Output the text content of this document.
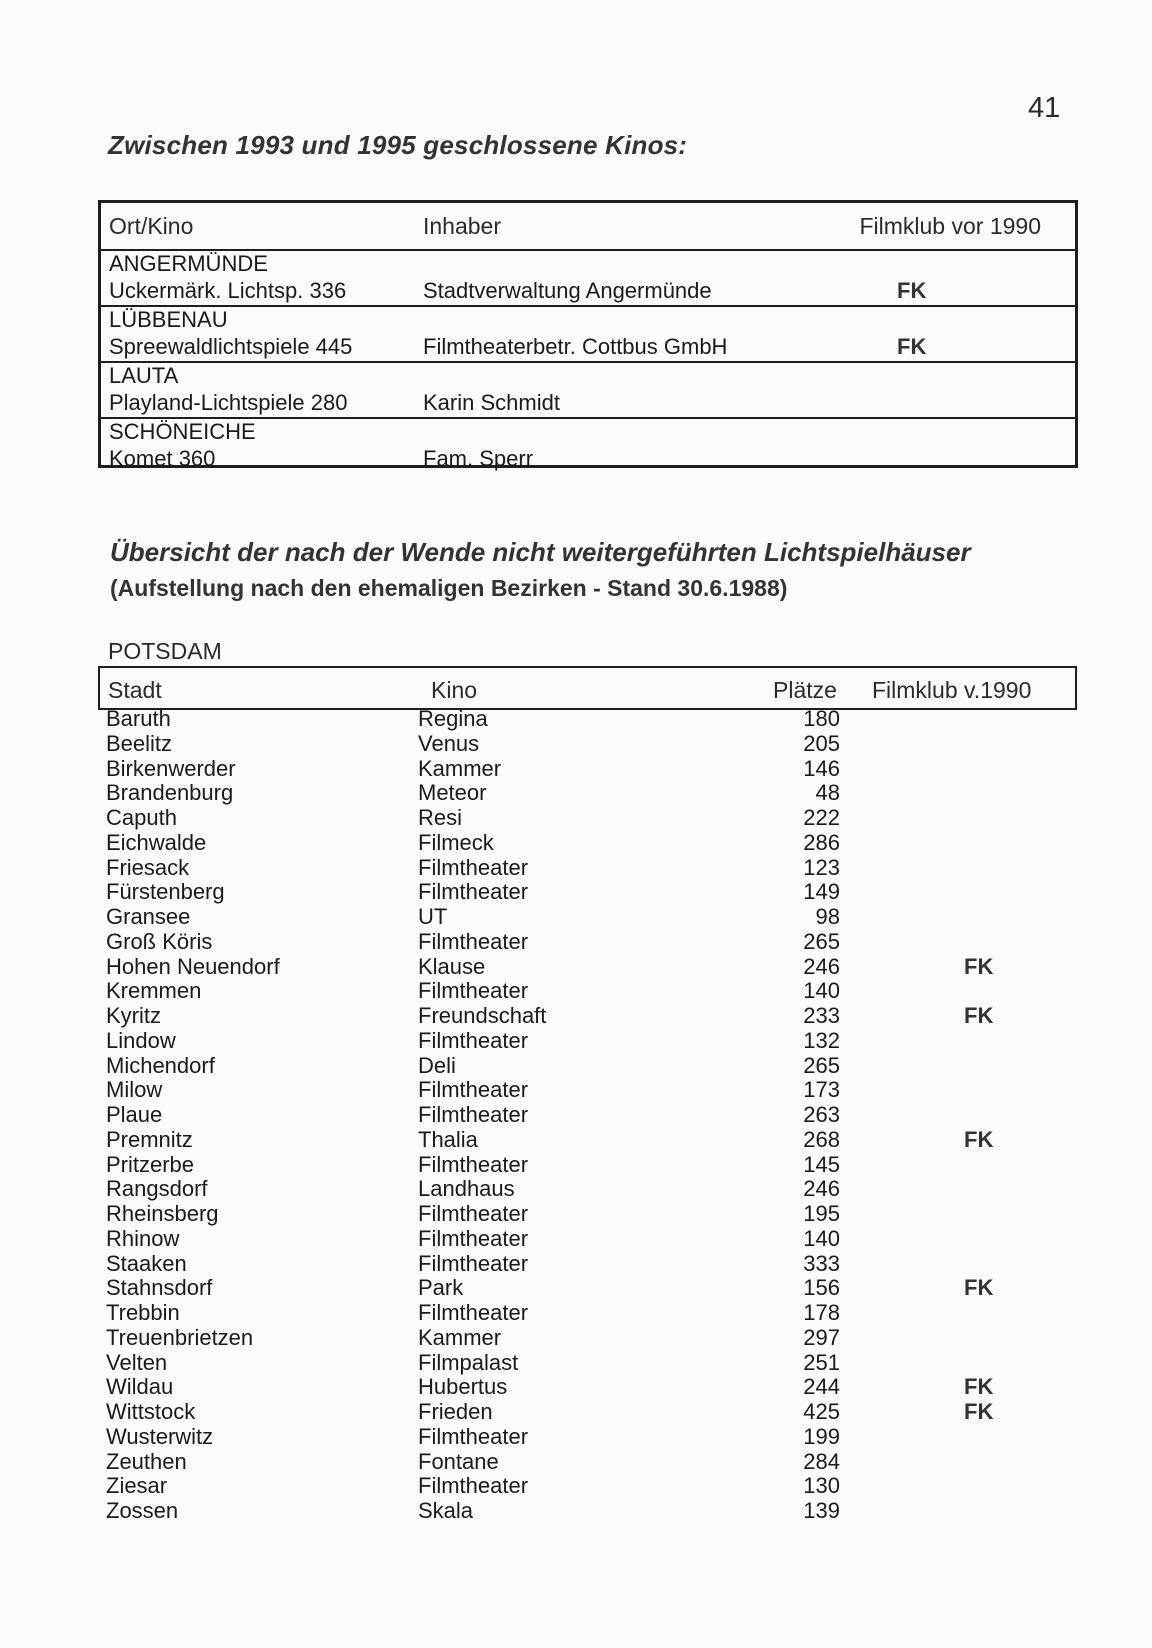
41
Zwischen 1993 und 1995 geschlossene Kinos:
Ort/Kino	Inhaber	Filmklub vor 1990
ANGERMÜNDE
Uckermärk. Lichtsp. 336	Stadtverwaltung Angermünde	FK
LÜBBENAU
Spreewaldlichtspiele 445	Filmtheaterbetr. Cottbus GmbH	FK
LAUTA
Playland-Lichtspiele 280	Karin Schmidt
SCHÖNEICHE
Komet 360	Fam. Sperr
Übersicht der nach der Wende nicht weitergeführten Lichtspielhäuser
(Aufstellung nach den ehemaligen Bezirken - Stand 30.6.1988)
POTSDAM
Stadt	Kino	Plätze Filmklub v.1990
Baruth	Regina	180
Beelitz	Venus	205
Birkenwerder	Kammer	146
Brandenburg	Meteor	48
Caputh	Resi	222
Eichwalde	Filmeck	286
Friesack	Filmtheater	123
Fürstenberg	Filmtheater	149
Gransee	UT	98
Groß Köris	Filmtheater	265
Hohen Neuendorf	Klause	246	FK
Kremmen	Filmtheater	140
Kyritz	Freundschaft	233	FK
Lindow	Filmtheater	132
Michendorf	Deli	265
Milow	Filmtheater	173
Plaue	Filmtheater	263
Premnitz	Thalia	268	FK
Pritzerbe	Filmtheater	145
Rangsdorf	Landhaus	246
Rheinsberg	Filmtheater	195
Rhinow	Filmtheater	140
Staaken	Filmtheater	333
Stahnsdorf	Park	156	FK
Trebbin	Filmtheater	178
Treuenbrietzen	Kammer	297
Velten	Filmpalast	251
Wildau	Hubertus	244	FK
Wittstock	Frieden	425	FK
Wusterwitz	Filmtheater	199
Zeuthen	Fontane	284
Ziesar	Filmtheater	130
Zossen	Skala	139
